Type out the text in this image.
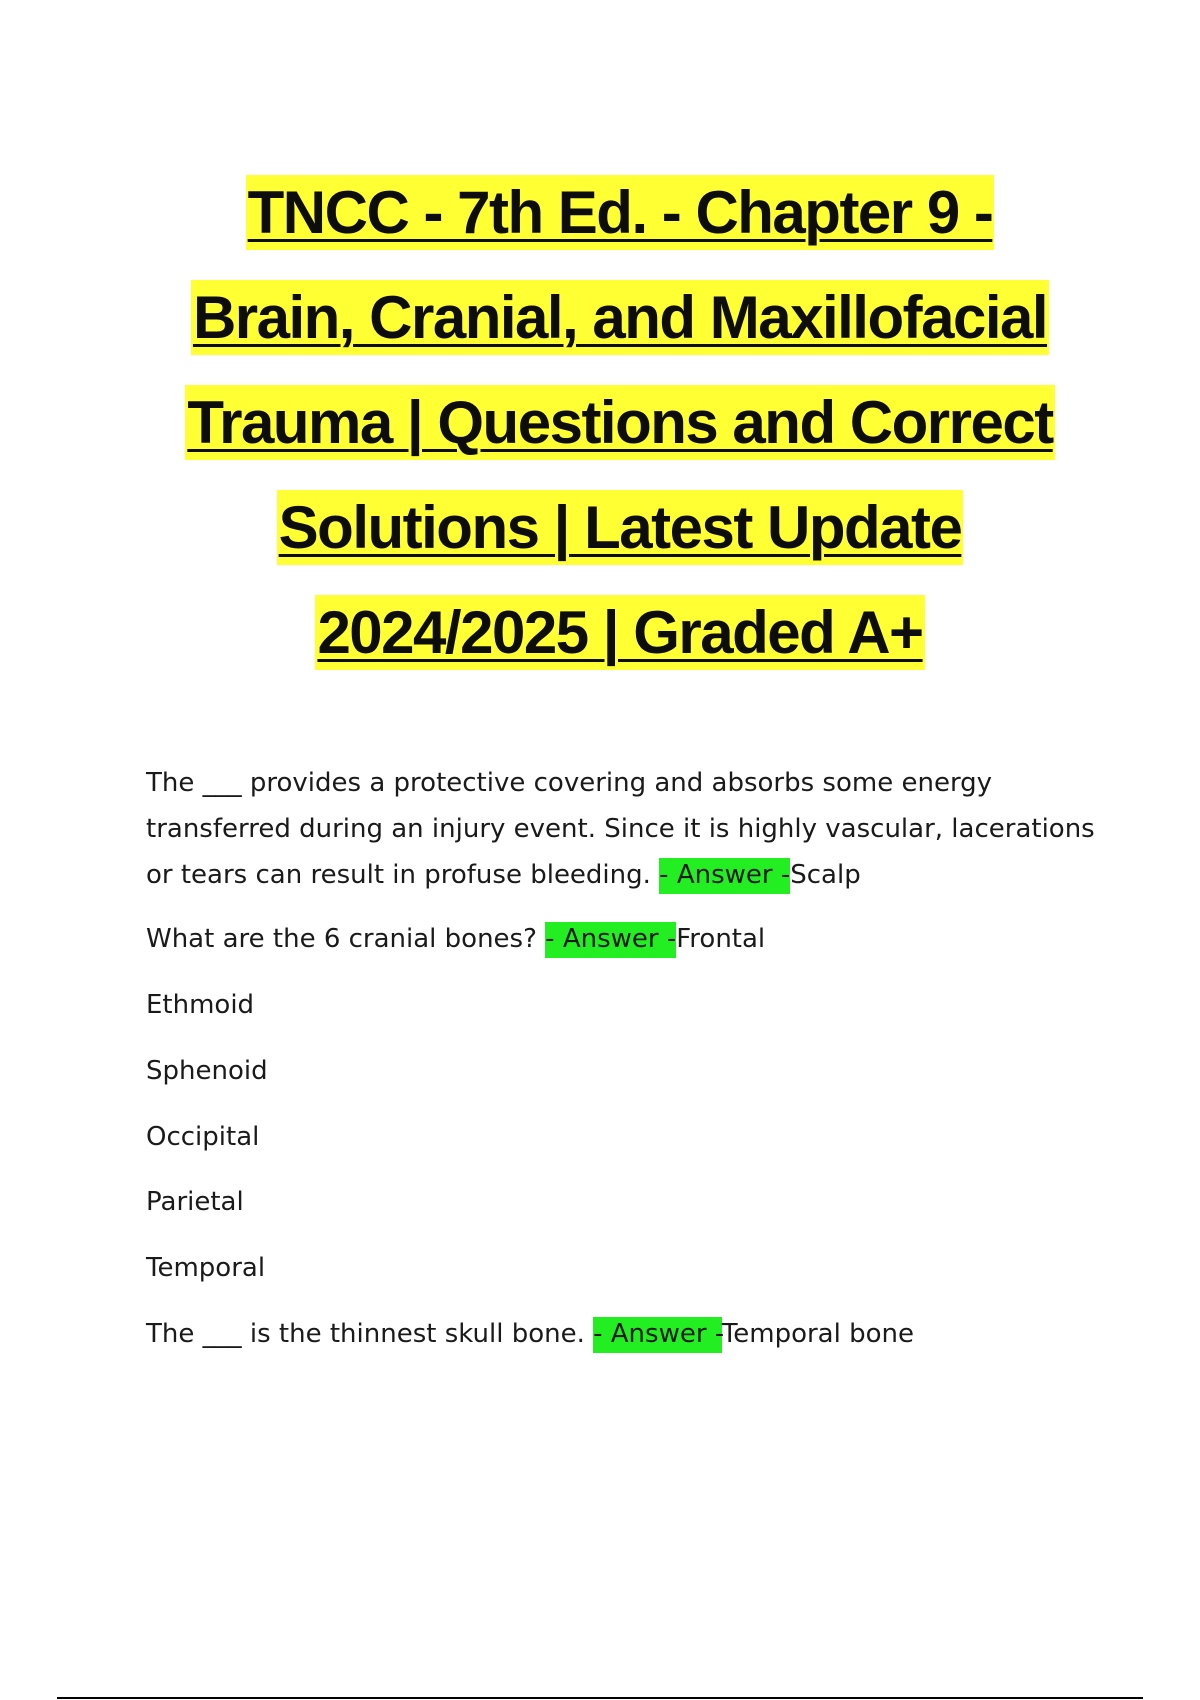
TNCC - 7th Ed. - Chapter 9 -
Brain, Cranial, and Maxillofacial
Trauma | Questions and Correct
Solutions | Latest Update
2024/2025 | Graded A+
The ___ provides a protective covering and absorbs some energy transferred during an injury event. Since it is highly vascular, lacerations or tears can result in profuse bleeding. - Answer -Scalp
What are the 6 cranial bones? - Answer -Frontal
Ethmoid
Sphenoid
Occipital
Parietal
Temporal
The ___ is the thinnest skull bone. - Answer -Temporal bone
